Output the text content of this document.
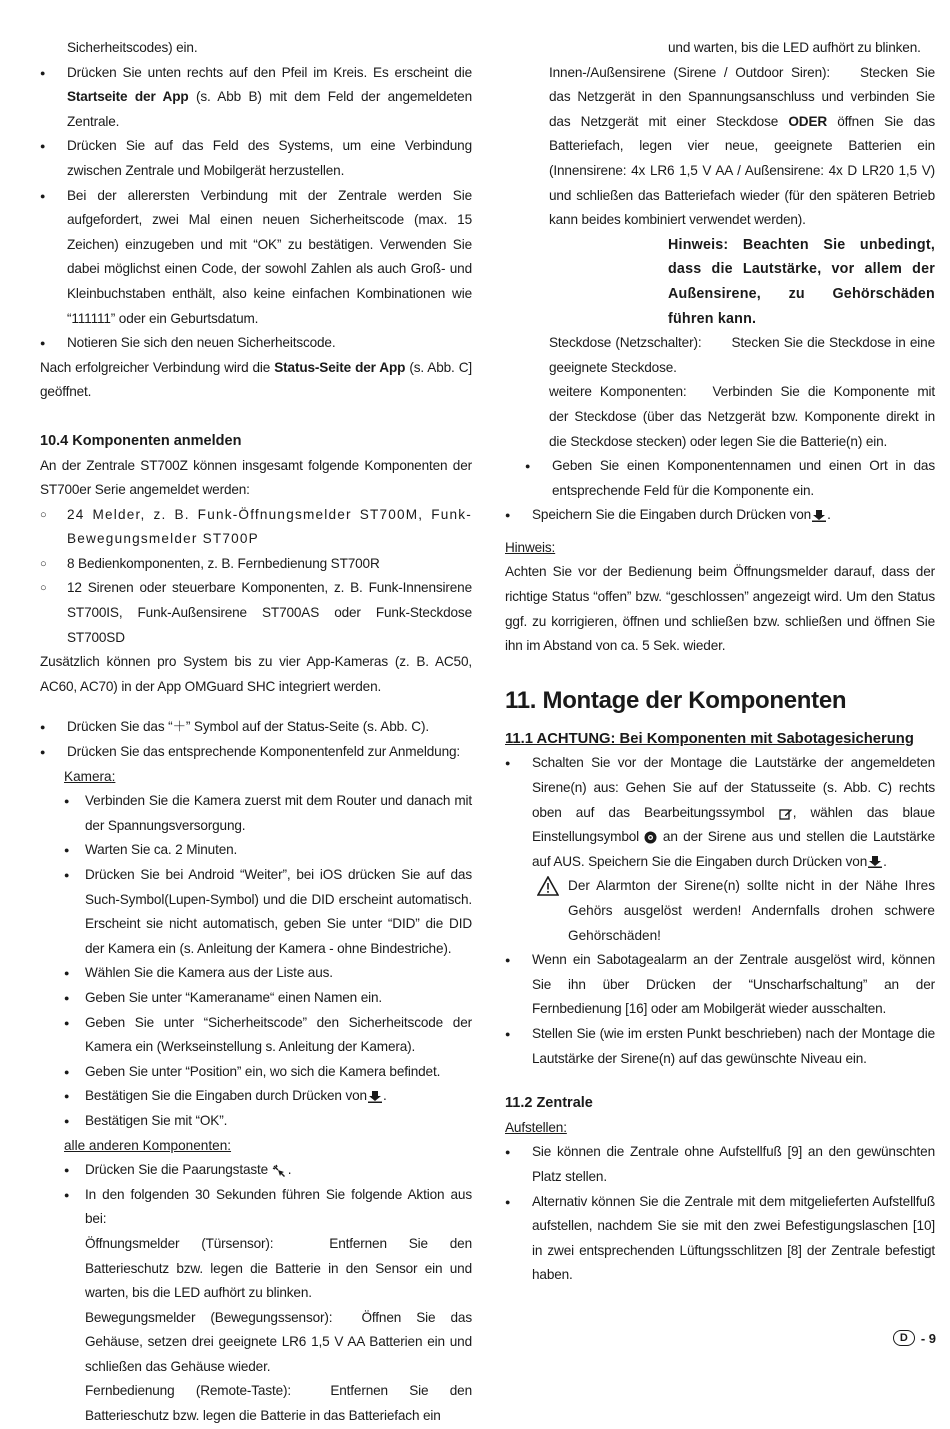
Sicherheitscodes) ein.

● Drücken Sie unten rechts auf den Pfeil im Kreis. Es erscheint die Startseite der App (s. Abb B) mit dem Feld der angemeldeten Zentrale.
● Drücken Sie auf das Feld des Systems, um eine Verbindung zwischen Zentrale und Mobilgerät herzustellen.
● Bei der allerersten Verbindung mit der Zentrale werden Sie aufgefordert, zwei Mal einen neuen Sicherheitscode (max. 15 Zeichen) einzugeben und mit “OK” zu bestätigen. Verwenden Sie dabei möglichst einen Code, der sowohl Zahlen als auch Groß- und Kleinbuchstaben enthält, also keine einfachen Kombinationen wie “111111” oder ein Geburtsdatum.
● Notieren Sie sich den neuen Sicherheitscode.

Nach erfolgreicher Verbindung wird die Status-Seite der App (s. Abb. C] geöffnet.

10.4 Komponenten anmelden

An der Zentrale ST700Z können insgesamt folgende Komponenten der ST700er Serie angemeldet werden:

○ 24 Melder, z. B. Funk-Öffnungsmelder ST700M, Funk-Bewegungsmelder ST700P
○ 8 Bedienkomponenten, z. B. Fernbedienung ST700R
○ 12 Sirenen oder steuerbare Komponenten, z. B. Funk-Innensirene ST700IS, Funk-Außensirene ST700AS oder Funk-Steckdose ST700SD

Zusätzlich können pro System bis zu vier App-Kameras (z. B. AC50, AC60, AC70) in der App OMGuard SHC integriert werden.

● Drücken Sie das “＋” Symbol auf der Status-Seite (s. Abb. C).
● Drücken Sie das entsprechende Komponentenfeld zur Anmeldung:
Kamera:
● Verbinden Sie die Kamera zuerst mit dem Router und danach mit der Spannungsversorgung.
● Warten Sie ca. 2 Minuten.
● Drücken Sie bei Android “Weiter”, bei iOS drücken Sie auf das Such-Symbol(Lupen-Symbol) und die DID erscheint automatisch. Erscheint sie nicht automatisch, geben Sie unter “DID” die DID der Kamera ein (s. Anleitung der Kamera - ohne Bindestriche).
● Wählen Sie die Kamera aus der Liste aus.
● Geben Sie unter “Kameraname“ einen Namen ein.
● Geben Sie unter “Sicherheitscode” den Sicherheitscode der Kamera ein (Werkseinstellung s. Anleitung der Kamera).
● Geben Sie unter “Position” ein, wo sich die Kamera befindet.
● Bestätigen Sie die Eingaben durch Drücken von .
● Bestätigen Sie mit “OK”.
alle anderen Komponenten:
● Drücken Sie die Paarungstaste .
● In den folgenden 30 Sekunden führen Sie folgende Aktion aus bei:
Öffnungsmelder (Türsensor):	Entfernen Sie den Batterieschutz bzw. legen die Batterie in den Sensor ein und warten, bis die LED aufhört zu blinken.
Bewegungsmelder (Bewegungssensor): Öffnen Sie das Gehäuse, setzen drei geeignete LR6 1,5 V AA Batterien ein und schließen das Gehäuse wieder.
Fernbedienung (Remote-Taste):	Entfernen Sie den Batterieschutz bzw. legen die Batterie in das Batteriefach ein

und warten, bis die LED aufhört zu blinken.

Innen-/Außensirene (Sirene / Outdoor Siren): Stecken Sie das Netzgerät in den Spannungsanschluss und verbinden Sie das Netzgerät mit einer Steckdose ODER öffnen Sie das Batteriefach, legen vier neue, geeignete Batterien ein (Innensirene: 4x LR6 1,5 V AA / Außensirene: 4x D LR20 1,5 V) und schließen das Batteriefach wieder (für den späteren Betrieb kann beides kombiniert verwendet werden).
Hinweis: Beachten Sie unbedingt, dass die Lautstärke, vor allem der Außensirene, zu Gehörschäden führen kann.
Steckdose (Netzschalter): Stecken Sie die Steckdose in eine geeignete Steckdose.
weitere Komponenten: Verbinden Sie die Komponente mit der Steckdose (über das Netzgerät bzw. Komponente direkt in die Steckdose stecken) oder legen Sie die Batterie(n) ein.
● Geben Sie einen Komponentennamen und einen Ort in das entsprechende Feld für die Komponente ein.
● Speichern Sie die Eingaben durch Drücken von .
Hinweis:

Achten Sie vor der Bedienung beim Öffnungsmelder darauf, dass der richtige Status “offen” bzw. “geschlossen” angezeigt wird. Um den Status ggf. zu korrigieren, öffnen und schließen bzw. schließen und öffnen Sie ihn im Abstand von ca. 5 Sek. wieder.

11. Montage der Komponenten
11.1 ACHTUNG: Bei Komponenten mit Sabotagesicherung
● Schalten Sie vor der Montage die Lautstärke der angemeldeten Sirene(n) aus: Gehen Sie auf der Statusseite (s. Abb. C) rechts oben auf das Bearbeitungssymbol , wählen das blaue Einstellungsymbol  an der Sirene aus und stellen die Lautstärke auf AUS. Speichern Sie die Eingaben durch Drücken von .
Der Alarmton der Sirene(n) sollte nicht in der Nähe Ihres Gehörs ausgelöst werden! Andernfalls drohen schwere Gehörschäden!
● Wenn ein Sabotagealarm an der Zentrale ausgelöst wird, können Sie ihn über Drücken der “Unscharfschaltung” an der Fernbedienung [16] oder am Mobilgerät wieder ausschalten.
● Stellen Sie (wie im ersten Punkt beschrieben) nach der Montage die Lautstärke der Sirene(n) auf das gewünschte Niveau ein.
11.2 Zentrale
Aufstellen:
● Sie können die Zentrale ohne Aufstellfuß [9] an den gewünschten Platz stellen.
● Alternativ können Sie die Zentrale mit dem mitgelieferten Aufstellfuß aufstellen, nachdem Sie sie mit den zwei Befestigungslaschen [10] in zwei entsprechenden Lüftungsschlitzen [8] der Zentrale befestigt haben.
D	- 9
